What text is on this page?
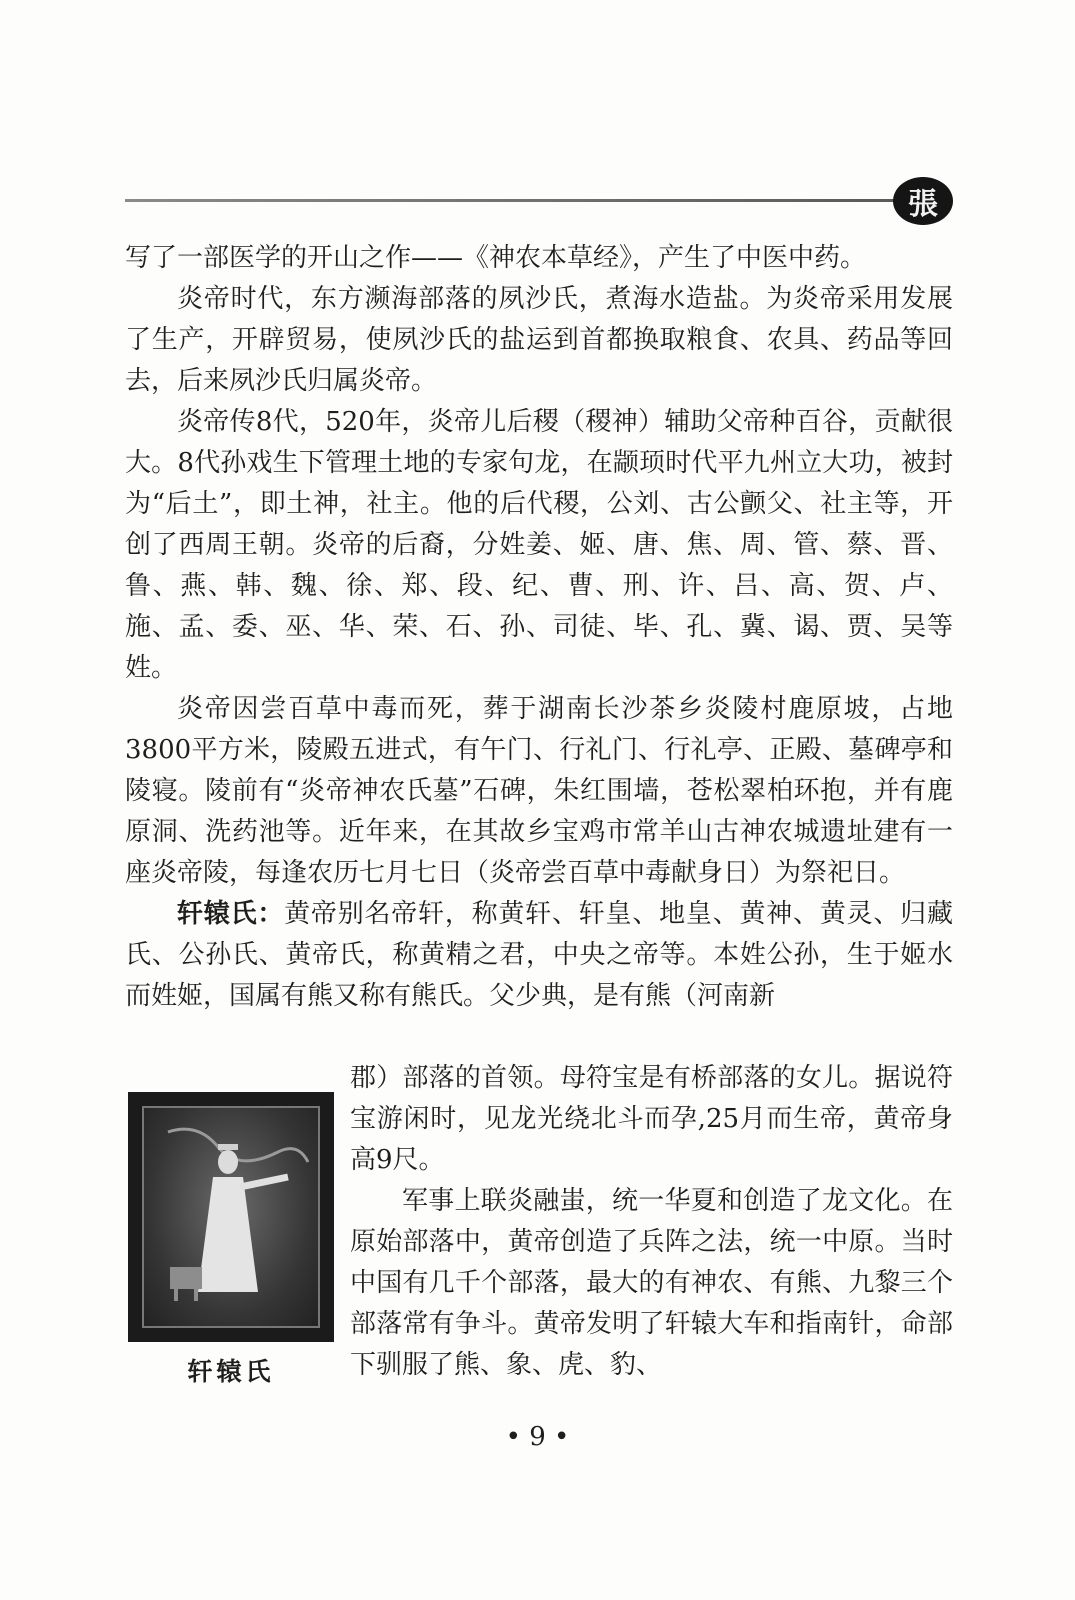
張

写了一部医学的开山之作——《神农本草经》，产生了中医中药。

炎帝时代，东方濒海部落的夙沙氏，煮海水造盐。为炎帝采用发展了生产，开辟贸易，使夙沙氏的盐运到首都换取粮食、农具、药品等回去，后来夙沙氏归属炎帝。

炎帝传8代，520年，炎帝儿后稷（稷神）辅助父帝种百谷，贡献很大。8代孙戏生下管理土地的专家句龙，在颛顼时代平九州立大功，被封为“后土”，即土神，社主。他的后代稷，公刘、古公颤父、社主等，开创了西周王朝。炎帝的后裔，分姓姜、姬、唐、焦、周、管、蔡、晋、鲁、燕、韩、魏、徐、郑、段、纪、曹、刑、许、吕、高、贺、卢、施、孟、委、巫、华、荣、石、孙、司徒、毕、孔、冀、谒、贾、吴等姓。

炎帝因尝百草中毒而死，葬于湖南长沙茶乡炎陵村鹿原坡，占地3800平方米，陵殿五进式，有午门、行礼门、行礼亭、正殿、墓碑亭和陵寝。陵前有“炎帝神农氏墓”石碑，朱红围墙，苍松翠柏环抱，并有鹿原洞、洗药池等。近年来，在其故乡宝鸡市常羊山古神农城遗址建有一座炎帝陵，每逢农历七月七日（炎帝尝百草中毒献身日）为祭祀日。

轩辕氏：黄帝别名帝轩，称黄轩、轩皇、地皇、黄神、黄灵、归藏氏、公孙氏、黄帝氏，称黄精之君，中央之帝等。本姓公孙，生于姬水而姓姬，国属有熊又称有熊氏。父少典，是有熊（河南新

轩辕氏

郡）部落的首领。母符宝是有桥部落的女儿。据说符宝游闲时，见龙光绕北斗而孕,25月而生帝，黄帝身高9尺。

军事上联炎融蚩，统一华夏和创造了龙文化。在原始部落中，黄帝创造了兵阵之法，统一中原。当时中国有几千个部落，最大的有神农、有熊、九黎三个部落常有争斗。黄帝发明了轩辕大车和指南针，命部下驯服了熊、象、虎、豹、

• 9 •
